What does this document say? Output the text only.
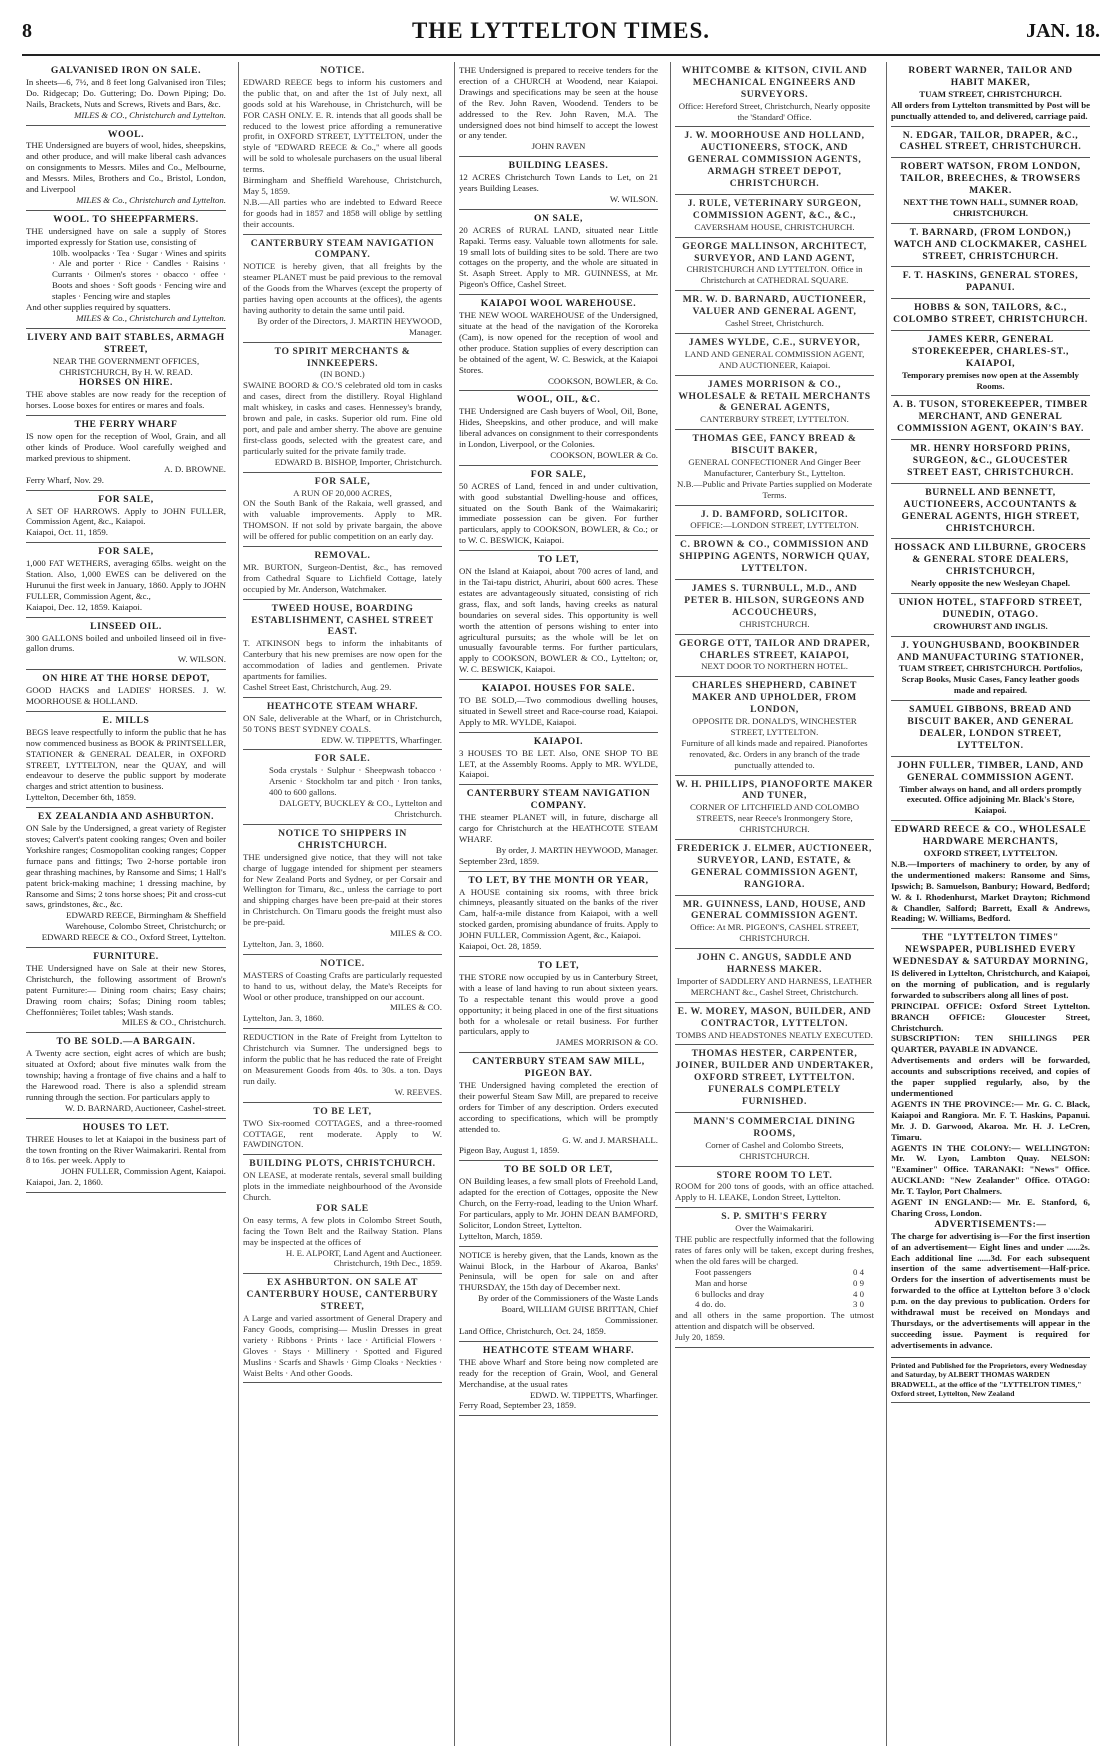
8	THE LYTTELTON TIMES.	JAN. 18.
GALVANISED IRON ON SALE.
In sheets—6, 7½, and 8 feet long Galvanised iron Tiles; Do. Ridgecap; Do. Guttering; Do. Down Piping; Do. Nails, Brackets, Nuts and Screws, Rivets and Bars, &c.
MILES & CO., Christchurch and Lyttelton.
WOOL.
THE Undersigned are buyers of wool, hides, sheepskins, and other produce, and will make liberal cash advances on consignments to Messrs. Miles and Co., Melbourne, and Messrs. Miles, Brothers and Co., Bristol, London, and Liverpool
MILES & Co., Christchurch and Lyttelton.
WOOL. TO SHEEPFARMERS.
THE undersigned have on sale a supply of Stores imported expressly for Station use, consisting of
10lb. woolpacks · Tea · Sugar · Wines and spirits · Ale and porter · Rice · Candles · Raisins · Currants · Oilmen's stores · obacco · offee · Boots and shoes · Soft goods · Fencing wire and staples · Fencing wire and staples
And other supplies required by squatters.
MILES & Co., Christchurch and Lyttelton.
LIVERY AND BAIT STABLES, ARMAGH STREET,
NEAR THE GOVERNMENT OFFICES, CHRISTCHURCH, By H. W. READ.
HORSES ON HIRE.
THE above stables are now ready for the reception of horses. Loose boxes for entires or mares and foals.
THE FERRY WHARF
IS now open for the reception of Wool, Grain, and all other kinds of Produce. Wool carefully weighed and marked previous to shipment.
A. D. BROWNE.
Ferry Wharf, Nov. 29.
FOR SALE,
A SET OF HARROWS. Apply to JOHN FULLER, Commission Agent, &c., Kaiapoi.
Kaiapoi, Oct. 11, 1859.
FOR SALE,
1,000 FAT WETHERS, averaging 65lbs. weight on the Station. Also, 1,000 EWES can be delivered on the Hurunui the first week in January, 1860. Apply to JOHN FULLER, Commission Agent, &c.,
Kaiapoi, Dec. 12, 1859. Kaiapoi.
LINSEED OIL.
300 GALLONS boiled and unboiled linseed oil in five-gallon drums.
W. WILSON.
ON HIRE AT THE HORSE DEPOT,
GOOD HACKS and LADIES' HORSES. J. W. MOORHOUSE & HOLLAND.
E. MILLS
BEGS leave respectfully to inform the public that he has now commenced business as BOOK & PRINTSELLER, STATIONER & GENERAL DEALER, in OXFORD STREET, LYTTELTON, near the QUAY, and will endeavour to deserve the public support by moderate charges and strict attention to business.
Lyttelton, December 6th, 1859.
EX ZEALANDIA AND ASHBURTON.
ON Sale by the Undersigned, a great variety of Register stoves; Calvert's patent cooking ranges; Oven and boiler Yorkshire ranges; Cosmopolitan cooking ranges; Copper furnace pans and fittings; Two 2-horse portable iron gear thrashing machines, by Ransome and Sims; 1 Hall's patent brick-making machine; 1 dressing machine, by Ransome and Sims; 2 tons horse shoes; Pit and cross-cut saws, grindstones, &c., &c.
EDWARD REECE, Birmingham & Sheffield Warehouse, Colombo Street, Christchurch; or EDWARD REECE & CO., Oxford Street, Lyttelton.
FURNITURE.
THE Undersigned have on Sale at their new Stores, Christchurch, the following assortment of Brown's patent Furniture:— Dining room chairs; Easy chairs; Drawing room chairs; Sofas; Dining room tables; Cheffonnières; Toilet tables; Wash stands.
MILES & CO., Christchurch.
TO BE SOLD.—A BARGAIN.
A Twenty acre section, eight acres of which are bush; situated at Oxford; about five minutes walk from the township; having a frontage of five chains and a half to the Harewood road. There is also a splendid stream running through the section. For particulars apply to
W. D. BARNARD, Auctioneer, Cashel-street.
HOUSES TO LET.
THREE Houses to let at Kaiapoi in the business part of the town fronting on the River Waimakariri. Rental from 8 to 16s. per week. Apply to
JOHN FULLER, Commission Agent, Kaiapoi.
Kaiapoi, Jan. 2, 1860.
NOTICE.
EDWARD REECE begs to inform his customers and the public that, on and after the 1st of July next, all goods sold at his Warehouse, in Christchurch, will be FOR CASH ONLY. E. R. intends that all goods shall be reduced to the lowest price affording a remunerative profit, in OXFORD STREET, LYTTELTON, under the style of "EDWARD REECE & Co.," where all goods will be sold to wholesale purchasers on the usual liberal terms.
Birmingham and Sheffield Warehouse, Christchurch, May 5, 1859.
N.B.—All parties who are indebted to Edward Reece for goods had in 1857 and 1858 will oblige by settling their accounts.
CANTERBURY STEAM NAVIGATION COMPANY.
NOTICE is hereby given, that all freights by the steamer PLANET must be paid previous to the removal of the Goods from the Wharves (except the property of parties having open accounts at the offices), the agents having authority to detain the same until paid.
By order of the Directors, J. MARTIN HEYWOOD, Manager.
TO SPIRIT MERCHANTS & INNKEEPERS.
(IN BOND.)
SWAINE BOORD & CO.'S celebrated old tom in casks and cases, direct from the distillery. Royal Highland malt whiskey, in casks and cases. Hennessey's brandy, brown and pale, in casks. Superior old rum. Fine old port, and pale and amber sherry. The above are genuine first-class goods, selected with the greatest care, and particularly suited for the private family trade.
EDWARD B. BISHOP, Importer, Christchurch.
FOR SALE,
A RUN OF 20,000 ACRES,
ON the South Bank of the Rakaia, well grassed, and with valuable improvements. Apply to MR. THOMSON. If not sold by private bargain, the above will be offered for public competition on an early day.
REMOVAL.
MR. BURTON, Surgeon-Dentist, &c., has removed from Cathedral Square to Lichfield Cottage, lately occupied by Mr. Anderson, Watchmaker.
TWEED HOUSE, BOARDING ESTABLISHMENT, CASHEL STREET EAST.
T. ATKINSON begs to inform the inhabitants of Canterbury that his new premises are now open for the accommodation of ladies and gentlemen. Private apartments for families.
Cashel Street East, Christchurch, Aug. 29.
HEATHCOTE STEAM WHARF.
ON Sale, deliverable at the Wharf, or in Christchurch, 50 TONS BEST SYDNEY COALS.
EDW. W. TIPPETTS, Wharfinger.
FOR SALE.
Soda crystals · Sulphur · Sheepwash tobacco · Arsenic · Stockholm tar and pitch · Iron tanks, 400 to 600 gallons.
DALGETY, BUCKLEY & CO., Lyttelton and Christchurch.
NOTICE TO SHIPPERS IN CHRISTCHURCH.
THE undersigned give notice, that they will not take charge of luggage intended for shipment per steamers for New Zealand Ports and Sydney, or per Corsair and Wellington for Timaru, &c., unless the carriage to port and shipping charges have been pre-paid at their stores in Christchurch. On Timaru goods the freight must also be pre-paid.
MILES & CO.
Lyttelton, Jan. 3, 1860.
NOTICE.
MASTERS of Coasting Crafts are particularly requested to hand to us, without delay, the Mate's Receipts for Wool or other produce, transhipped on our account.
MILES & CO.
Lyttelton, Jan. 3, 1860.
REDUCTION in the Rate of Freight from Lyttelton to Christchurch via Sumner. The undersigned begs to inform the public that he has reduced the rate of Freight on Measurement Goods from 40s. to 30s. a ton. Days run daily.
W. REEVES.
TO BE LET,
TWO Six-roomed COTTAGES, and a three-roomed COTTAGE, rent moderate. Apply to W. FAWDINGTON.
BUILDING PLOTS, CHRISTCHURCH.
ON LEASE, at moderate rentals, several small building plots in the immediate neighbourhood of the Avonside Church.
FOR SALE
On easy terms, A few plots in Colombo Street South, facing the Town Belt and the Railway Station. Plans may be inspected at the offices of
H. E. ALPORT, Land Agent and Auctioneer. Christchurch, 19th Dec., 1859.
EX ASHBURTON. ON SALE AT CANTERBURY HOUSE, CANTERBURY STREET,
A Large and varied assortment of General Drapery and Fancy Goods, comprising— Muslin Dresses in great variety · Ribbons · Prints · lace · Artificial Flowers · Gloves · Stays · Millinery · Spotted and Figured Muslins · Scarfs and Shawls · Gimp Cloaks · Neckties · Waist Belts · And other Goods.
THE Undersigned is prepared to receive tenders for the erection of a CHURCH at Woodend, near Kaiapoi. Drawings and specifications may be seen at the house of the Rev. John Raven, Woodend. Tenders to be addressed to the Rev. John Raven, M.A. The undersigned does not bind himself to accept the lowest or any tender.
JOHN RAVEN
BUILDING LEASES.
12 ACRES Christchurch Town Lands to Let, on 21 years Building Leases.
W. WILSON.
ON SALE,
20 ACRES of RURAL LAND, situated near Little Rapaki. Terms easy. Valuable town allotments for sale. 19 small lots of building sites to be sold. There are two cottages on the property, and the whole are situated in St. Asaph Street. Apply to MR. GUINNESS, at Mr. Pigeon's Office, Cashel Street.
KAIAPOI WOOL WAREHOUSE.
THE NEW WOOL WAREHOUSE of the Undersigned, situate at the head of the navigation of the Kororeka (Cam), is now opened for the reception of wool and other produce. Station supplies of every description can be obtained of the agent, W. C. Beswick, at the Kaiapoi Stores.
COOKSON, BOWLER, & Co.
WOOL, OIL, &C.
THE Undersigned are Cash buyers of Wool, Oil, Bone, Hides, Sheepskins, and other produce, and will make liberal advances on consignment to their correspondents in London, Liverpool, or the Colonies.
COOKSON, BOWLER & Co.
FOR SALE,
50 ACRES of Land, fenced in and under cultivation, with good substantial Dwelling-house and offices, situated on the South Bank of the Waimakariri; immediate possession can be given. For further particulars, apply to COOKSON, BOWLER, & Co.; or to W. C. BESWICK, Kaiapoi.
TO LET,
ON the Island at Kaiapoi, about 700 acres of land, and in the Tai-tapu district, Ahuriri, about 600 acres. These estates are advantageously situated, consisting of rich grass, flax, and soft lands, having creeks as natural boundaries on several sides. This opportunity is well worth the attention of persons wishing to enter into agricultural pursuits; as the whole will be let on unusually favourable terms. For further particulars, apply to COOKSON, BOWLER & CO., Lyttelton; or, W. C. BESWICK, Kaiapoi.
KAIAPOI. HOUSES FOR SALE.
TO BE SOLD,—Two commodious dwelling houses, situated in Sewell street and Race-course road, Kaiapoi. Apply to MR. WYLDE, Kaiapoi.
KAIAPOI.
3 HOUSES TO BE LET. Also, ONE SHOP TO BE LET, at the Assembly Rooms. Apply to MR. WYLDE, Kaiapoi.
CANTERBURY STEAM NAVIGATION COMPANY.
THE steamer PLANET will, in future, discharge all cargo for Christchurch at the HEATHCOTE STEAM WHARF.
By order, J. MARTIN HEYWOOD, Manager.
September 23rd, 1859.
TO LET, BY THE MONTH OR YEAR,
A HOUSE containing six rooms, with three brick chimneys, pleasantly situated on the banks of the river Cam, half-a-mile distance from Kaiapoi, with a well stocked garden, promising abundance of fruits. Apply to JOHN FULLER, Commission Agent, &c., Kaiapoi.
Kaiapoi, Oct. 28, 1859.
TO LET,
THE STORE now occupied by us in Canterbury Street, with a lease of land having to run about sixteen years. To a respectable tenant this would prove a good opportunity; it being placed in one of the first situations both for a wholesale or retail business. For further particulars, apply to
JAMES MORRISON & CO.
CANTERBURY STEAM SAW MILL, PIGEON BAY.
THE Undersigned having completed the erection of their powerful Steam Saw Mill, are prepared to receive orders for Timber of any description. Orders executed according to specifications, which will be promptly attended to.
G. W. and J. MARSHALL.
Pigeon Bay, August 1, 1859.
TO BE SOLD OR LET,
ON Building leases, a few small plots of Freehold Land, adapted for the erection of Cottages, opposite the New Church, on the Ferry-road, leading to the Union Wharf. For particulars, apply to Mr. JOHN DEAN BAMFORD, Solicitor, London Street, Lyttelton.
Lyttelton, March, 1859.
NOTICE is hereby given, that the Lands, known as the Wainui Block, in the Harbour of Akaroa, Banks' Peninsula, will be open for sale on and after THURSDAY, the 15th day of December next.
By order of the Commissioners of the Waste Lands Board, WILLIAM GUISE BRITTAN, Chief Commissioner.
Land Office, Christchurch, Oct. 24, 1859.
HEATHCOTE STEAM WHARF.
THE above Wharf and Store being now completed are ready for the reception of Grain, Wool, and General Merchandise, at the usual rates
EDWD. W. TIPPETTS, Wharfinger.
Ferry Road, September 23, 1859.
WHITCOMBE & KITSON, CIVIL AND MECHANICAL ENGINEERS AND SURVEYORS.
Office: Hereford Street, Christchurch, Nearly opposite the 'Standard' Office.
J. W. MOORHOUSE AND HOLLAND, AUCTIONEERS, STOCK, AND GENERAL COMMISSION AGENTS, ARMAGH STREET DEPOT, CHRISTCHURCH.
J. RULE, VETERINARY SURGEON, COMMISSION AGENT, &C., &C.,
CAVERSHAM HOUSE, CHRISTCHURCH.
GEORGE MALLINSON, ARCHITECT, SURVEYOR, AND LAND AGENT,
CHRISTCHURCH AND LYTTELTON. Office in Christchurch at CATHEDRAL SQUARE.
MR. W. D. BARNARD, AUCTIONEER, VALUER AND GENERAL AGENT,
Cashel Street, Christchurch.
JAMES WYLDE, C.E., SURVEYOR,
LAND AND GENERAL COMMISSION AGENT, AND AUCTIONEER, Kaiapoi.
JAMES MORRISON & CO., WHOLESALE & RETAIL MERCHANTS & GENERAL AGENTS,
CANTERBURY STREET, LYTTELTON.
THOMAS GEE, FANCY BREAD & BISCUIT BAKER,
GENERAL CONFECTIONER And Ginger Beer Manufacturer, Canterbury St., Lyttelton.
N.B.—Public and Private Parties supplied on Moderate Terms.
J. D. BAMFORD, SOLICITOR.
OFFICE:—LONDON STREET, LYTTELTON.
C. BROWN & CO., COMMISSION AND SHIPPING AGENTS, NORWICH QUAY, LYTTELTON.
JAMES S. TURNBULL, M.D., AND PETER B. HILSON, SURGEONS AND ACCOUCHEURS,
CHRISTCHURCH.
GEORGE OTT, TAILOR AND DRAPER, CHARLES STREET, KAIAPOI,
NEXT DOOR TO NORTHERN HOTEL.
CHARLES SHEPHERD, CABINET MAKER AND UPHOLDER, FROM LONDON,
OPPOSITE DR. DONALD'S, WINCHESTER STREET, LYTTELTON.
Furniture of all kinds made and repaired. Pianofortes renovated, &c. Orders in any branch of the trade punctually attended to.
W. H. PHILLIPS, PIANOFORTE MAKER AND TUNER,
CORNER OF LITCHFIELD AND COLOMBO STREETS, near Reece's Ironmongery Store, CHRISTCHURCH.
FREDERICK J. ELMER, AUCTIONEER, SURVEYOR, LAND, ESTATE, & GENERAL COMMISSION AGENT, RANGIORA.
MR. GUINNESS, LAND, HOUSE, AND GENERAL COMMISSION AGENT.
Office: At MR. PIGEON'S, CASHEL STREET, CHRISTCHURCH.
JOHN C. ANGUS, SADDLE AND HARNESS MAKER.
Importer of SADDLERY AND HARNESS, LEATHER MERCHANT &c., Cashel Street, Christchurch.
E. W. MOREY, MASON, BUILDER, AND CONTRACTOR, LYTTELTON.
TOMBS AND HEADSTONES NEATLY EXECUTED.
THOMAS HESTER, CARPENTER, JOINER, BUILDER AND UNDERTAKER, OXFORD STREET, LYTTELTON. FUNERALS COMPLETELY FURNISHED.
MANN'S COMMERCIAL DINING ROOMS,
Corner of Cashel and Colombo Streets, CHRISTCHURCH.
STORE ROOM TO LET.
ROOM for 200 tons of goods, with an office attached. Apply to H. LEAKE, London Street, Lyttelton.
S. P. SMITH'S FERRY
Over the Waimakariri.
THE public are respectfully informed that the following rates of fares only will be taken, except during freshes, when the old fares will be charged.
Foot passengers	0 4
Man and horse	0 9
6 bullocks and dray	4 0
4 do. do.	3 0
and all others in the same proportion. The utmost attention and dispatch will be observed.
July 20, 1859.
ROBERT WARNER, TAILOR AND HABIT MAKER,
TUAM STREET, CHRISTCHURCH.
All orders from Lyttelton transmitted by Post will be punctually attended to, and delivered, carriage paid.
N. EDGAR, TAILOR, DRAPER, &C., CASHEL STREET, CHRISTCHURCH.
ROBERT WATSON, FROM LONDON, TAILOR, BREECHES, & TROWSERS MAKER.
NEXT THE TOWN HALL, SUMNER ROAD, CHRISTCHURCH.
T. BARNARD, (FROM LONDON,) WATCH AND CLOCKMAKER, CASHEL STREET, CHRISTCHURCH.
F. T. HASKINS, GENERAL STORES, PAPANUI.
HOBBS & SON, TAILORS, &C., COLOMBO STREET, CHRISTCHURCH.
JAMES KERR, GENERAL STOREKEEPER, CHARLES-ST., KAIAPOI,
Temporary premises now open at the Assembly Rooms.
A. B. TUSON, STOREKEEPER, TIMBER MERCHANT, AND GENERAL COMMISSION AGENT, OKAIN'S BAY.
MR. HENRY HORSFORD PRINS, SURGEON, &C., GLOUCESTER STREET EAST, CHRISTCHURCH.
BURNELL AND BENNETT, AUCTIONEERS, ACCOUNTANTS & GENERAL AGENTS, HIGH STREET, CHRISTCHURCH.
HOSSACK AND LILBURNE, GROCERS & GENERAL STORE DEALERS, CHRISTCHURCH,
Nearly opposite the new Wesleyan Chapel.
UNION HOTEL, STAFFORD STREET, DUNEDIN, OTAGO.
CROWHURST AND INGLIS.
J. YOUNGHUSBAND, BOOKBINDER AND MANUFACTURING STATIONER,
TUAM STREET, CHRISTCHURCH. Portfolios, Scrap Books, Music Cases, Fancy leather goods made and repaired.
SAMUEL GIBBONS, BREAD AND BISCUIT BAKER, AND GENERAL DEALER, LONDON STREET, LYTTELTON.
JOHN FULLER, TIMBER, LAND, AND GENERAL COMMISSION AGENT.
Timber always on hand, and all orders promptly executed. Office adjoining Mr. Black's Store, Kaiapoi.
EDWARD REECE & CO., WHOLESALE HARDWARE MERCHANTS,
OXFORD STREET, LYTTELTON.
N.B.—Importers of machinery to order, by any of the undermentioned makers: Ransome and Sims, Ipswich; B. Samuelson, Banbury; Howard, Bedford; W. & I. Rhodenhurst, Market Drayton; Richmond & Chandler, Salford; Barrett, Exall & Andrews, Reading; W. Williams, Bedford.
THE "LYTTELTON TIMES" NEWSPAPER, PUBLISHED EVERY WEDNESDAY & SATURDAY MORNING,
IS delivered in Lyttelton, Christchurch, and Kaiapoi, on the morning of publication, and is regularly forwarded to subscribers along all lines of post.
PRINCIPAL OFFICE: Oxford Street Lyttelton. BRANCH OFFICE: Gloucester Street, Christchurch.
SUBSCRIPTION: TEN SHILLINGS PER QUARTER, PAYABLE IN ADVANCE.
Advertisements and orders will be forwarded, accounts and subscriptions received, and copies of the paper supplied regularly, also, by the undermentioned
AGENTS IN THE PROVINCE:— Mr. G. C. Black, Kaiapoi and Rangiora. Mr. F. T. Haskins, Papanui. Mr. J. D. Garwood, Akaroa. Mr. H. J. LeCren, Timaru.
AGENTS IN THE COLONY:— WELLINGTON: Mr. W. Lyon, Lambton Quay. NELSON: "Examiner" Office. TARANAKI: "News" Office. AUCKLAND: "New Zealander" Office. OTAGO: Mr. T. Taylor, Port Chalmers.
AGENT IN ENGLAND:— Mr. E. Stanford, 6, Charing Cross, London.
ADVERTISEMENTS:—
The charge for advertising is—For the first insertion of an advertisement— Eight lines and under ......2s. Each additional line ......3d. For each subsequent insertion of the same advertisement—Half-price. Orders for the insertion of advertisements must be forwarded to the office at Lyttelton before 3 o'clock p.m. on the day previous to publication. Orders for withdrawal must be received on Mondays and Thursdays, or the advertisements will appear in the succeeding issue. Payment is required for advertisements in advance.
Printed and Published for the Proprietors, every Wednesday and Saturday, by ALBERT THOMAS WARDEN BRADWELL, at the office of the "LYTTELTON TIMES," Oxford street, Lyttelton, New Zealand
